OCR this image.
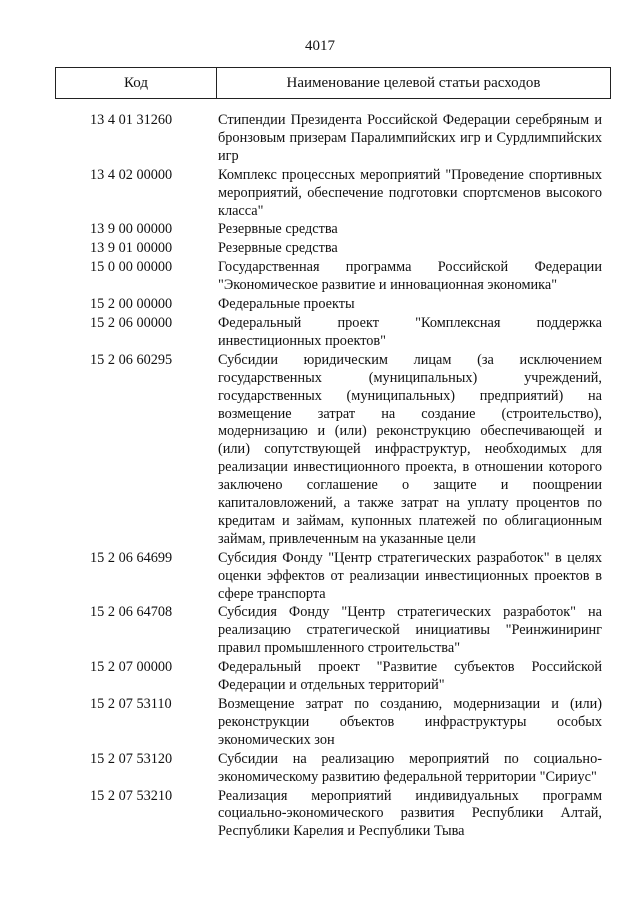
4017
Код	Наименование целевой статьи расходов
13 4 01 31260	Стипендии Президента Российской Федерации серебряным и бронзовым призерам Паралимпийских игр и Сурдлимпийских игр
13 4 02 00000	Комплекс процессных мероприятий "Проведение спортивных мероприятий, обеспечение подготовки спортсменов высокого класса"
13 9 00 00000	Резервные средства
13 9 01 00000	Резервные средства
15 0 00 00000	Государственная программа Российской Федерации "Экономическое развитие и инновационная экономика"
15 2 00 00000	Федеральные проекты
15 2 06 00000	Федеральный проект "Комплексная поддержка инвестиционных проектов"
15 2 06 60295	Субсидии юридическим лицам (за исключением государственных (муниципальных) учреждений, государственных (муниципальных) предприятий) на возмещение затрат на создание (строительство), модернизацию и (или) реконструкцию обеспечивающей и (или) сопутствующей инфраструктур, необходимых для реализации инвестиционного проекта, в отношении которого заключено соглашение о защите и поощрении капиталовложений, а также затрат на уплату процентов по кредитам и займам, купонных платежей по облигационным займам, привлеченным на указанные цели
15 2 06 64699	Субсидия Фонду "Центр стратегических разработок" в целях оценки эффектов от реализации инвестиционных проектов в сфере транспорта
15 2 06 64708	Субсидия Фонду "Центр стратегических разработок" на реализацию стратегической инициативы "Реинжиниринг правил промышленного строительства"
15 2 07 00000	Федеральный проект "Развитие субъектов Российской Федерации и отдельных территорий"
15 2 07 53110	Возмещение затрат по созданию, модернизации и (или) реконструкции объектов инфраструктуры особых экономических зон
15 2 07 53120	Субсидии на реализацию мероприятий по социально-экономическому развитию федеральной территории "Сириус"
15 2 07 53210	Реализация мероприятий индивидуальных программ социально-экономического развития Республики Алтай, Республики Карелия и Республики Тыва
